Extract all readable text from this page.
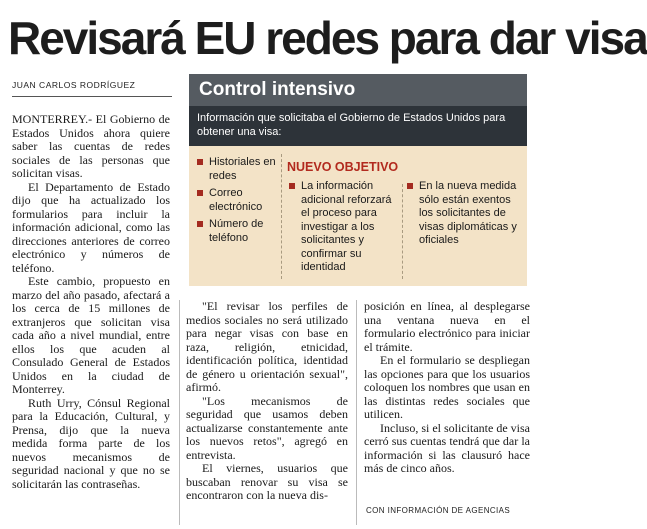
Revisará EU redes para dar visa
JUAN CARLOS RODRÍGUEZ

MONTERREY.- El Gobierno de Estados Unidos ahora quiere saber las cuentas de redes sociales de las personas que solicitan visas.

El Departamento de Estado dijo que ha actualizado los formularios para incluir la información adicional, como las direcciones anteriores de correo electrónico y números de teléfono.

Este cambio, propuesto en marzo del año pasado, afectará a los cerca de 15 millones de extranjeros que solicitan visa cada año a nivel mundial, entre ellos los que acuden al Consulado General de Estados Unidos en la ciudad de Monterrey.

Ruth Urry, Cónsul Regional para la Educación, Cultural, y Prensa, dijo que la nueva medida forma parte de los nuevos mecanismos de seguridad nacional y que no se solicitarán las contraseñas.

"El revisar los perfiles de medios sociales no será utilizado para negar visas con base en raza, religión, etnicidad, identificación política, identidad de género u orientación sexual", afirmó.

"Los mecanismos de seguridad que usamos deben actualizarse constantemente ante los nuevos retos", agregó en entrevista.

El viernes, usuarios que buscaban renovar su visa se encontraron con la nueva dis-

posición en línea, al desplegarse una ventana nueva en el formulario electrónico para iniciar el trámite.

En el formulario se despliegan las opciones para que los usuarios coloquen los nombres que usan en las distintas redes sociales que utilicen.

Incluso, si el solicitante de visa cerró sus cuentas tendrá que dar la información si las clausuró hace más de cinco años.

CON INFORMACIÓN DE AGENCIAS
Control intensivo
Información que solicitaba el Gobierno de Estados Unidos para obtener una visa:
Historiales en redes
Correo electrónico
Número de teléfono
NUEVO OBJETIVO
La información adicional reforzará el proceso para investigar a los solicitantes y confirmar su identidad
En la nueva medida sólo están exentos los solicitantes de visas diplomáticas y oficiales
